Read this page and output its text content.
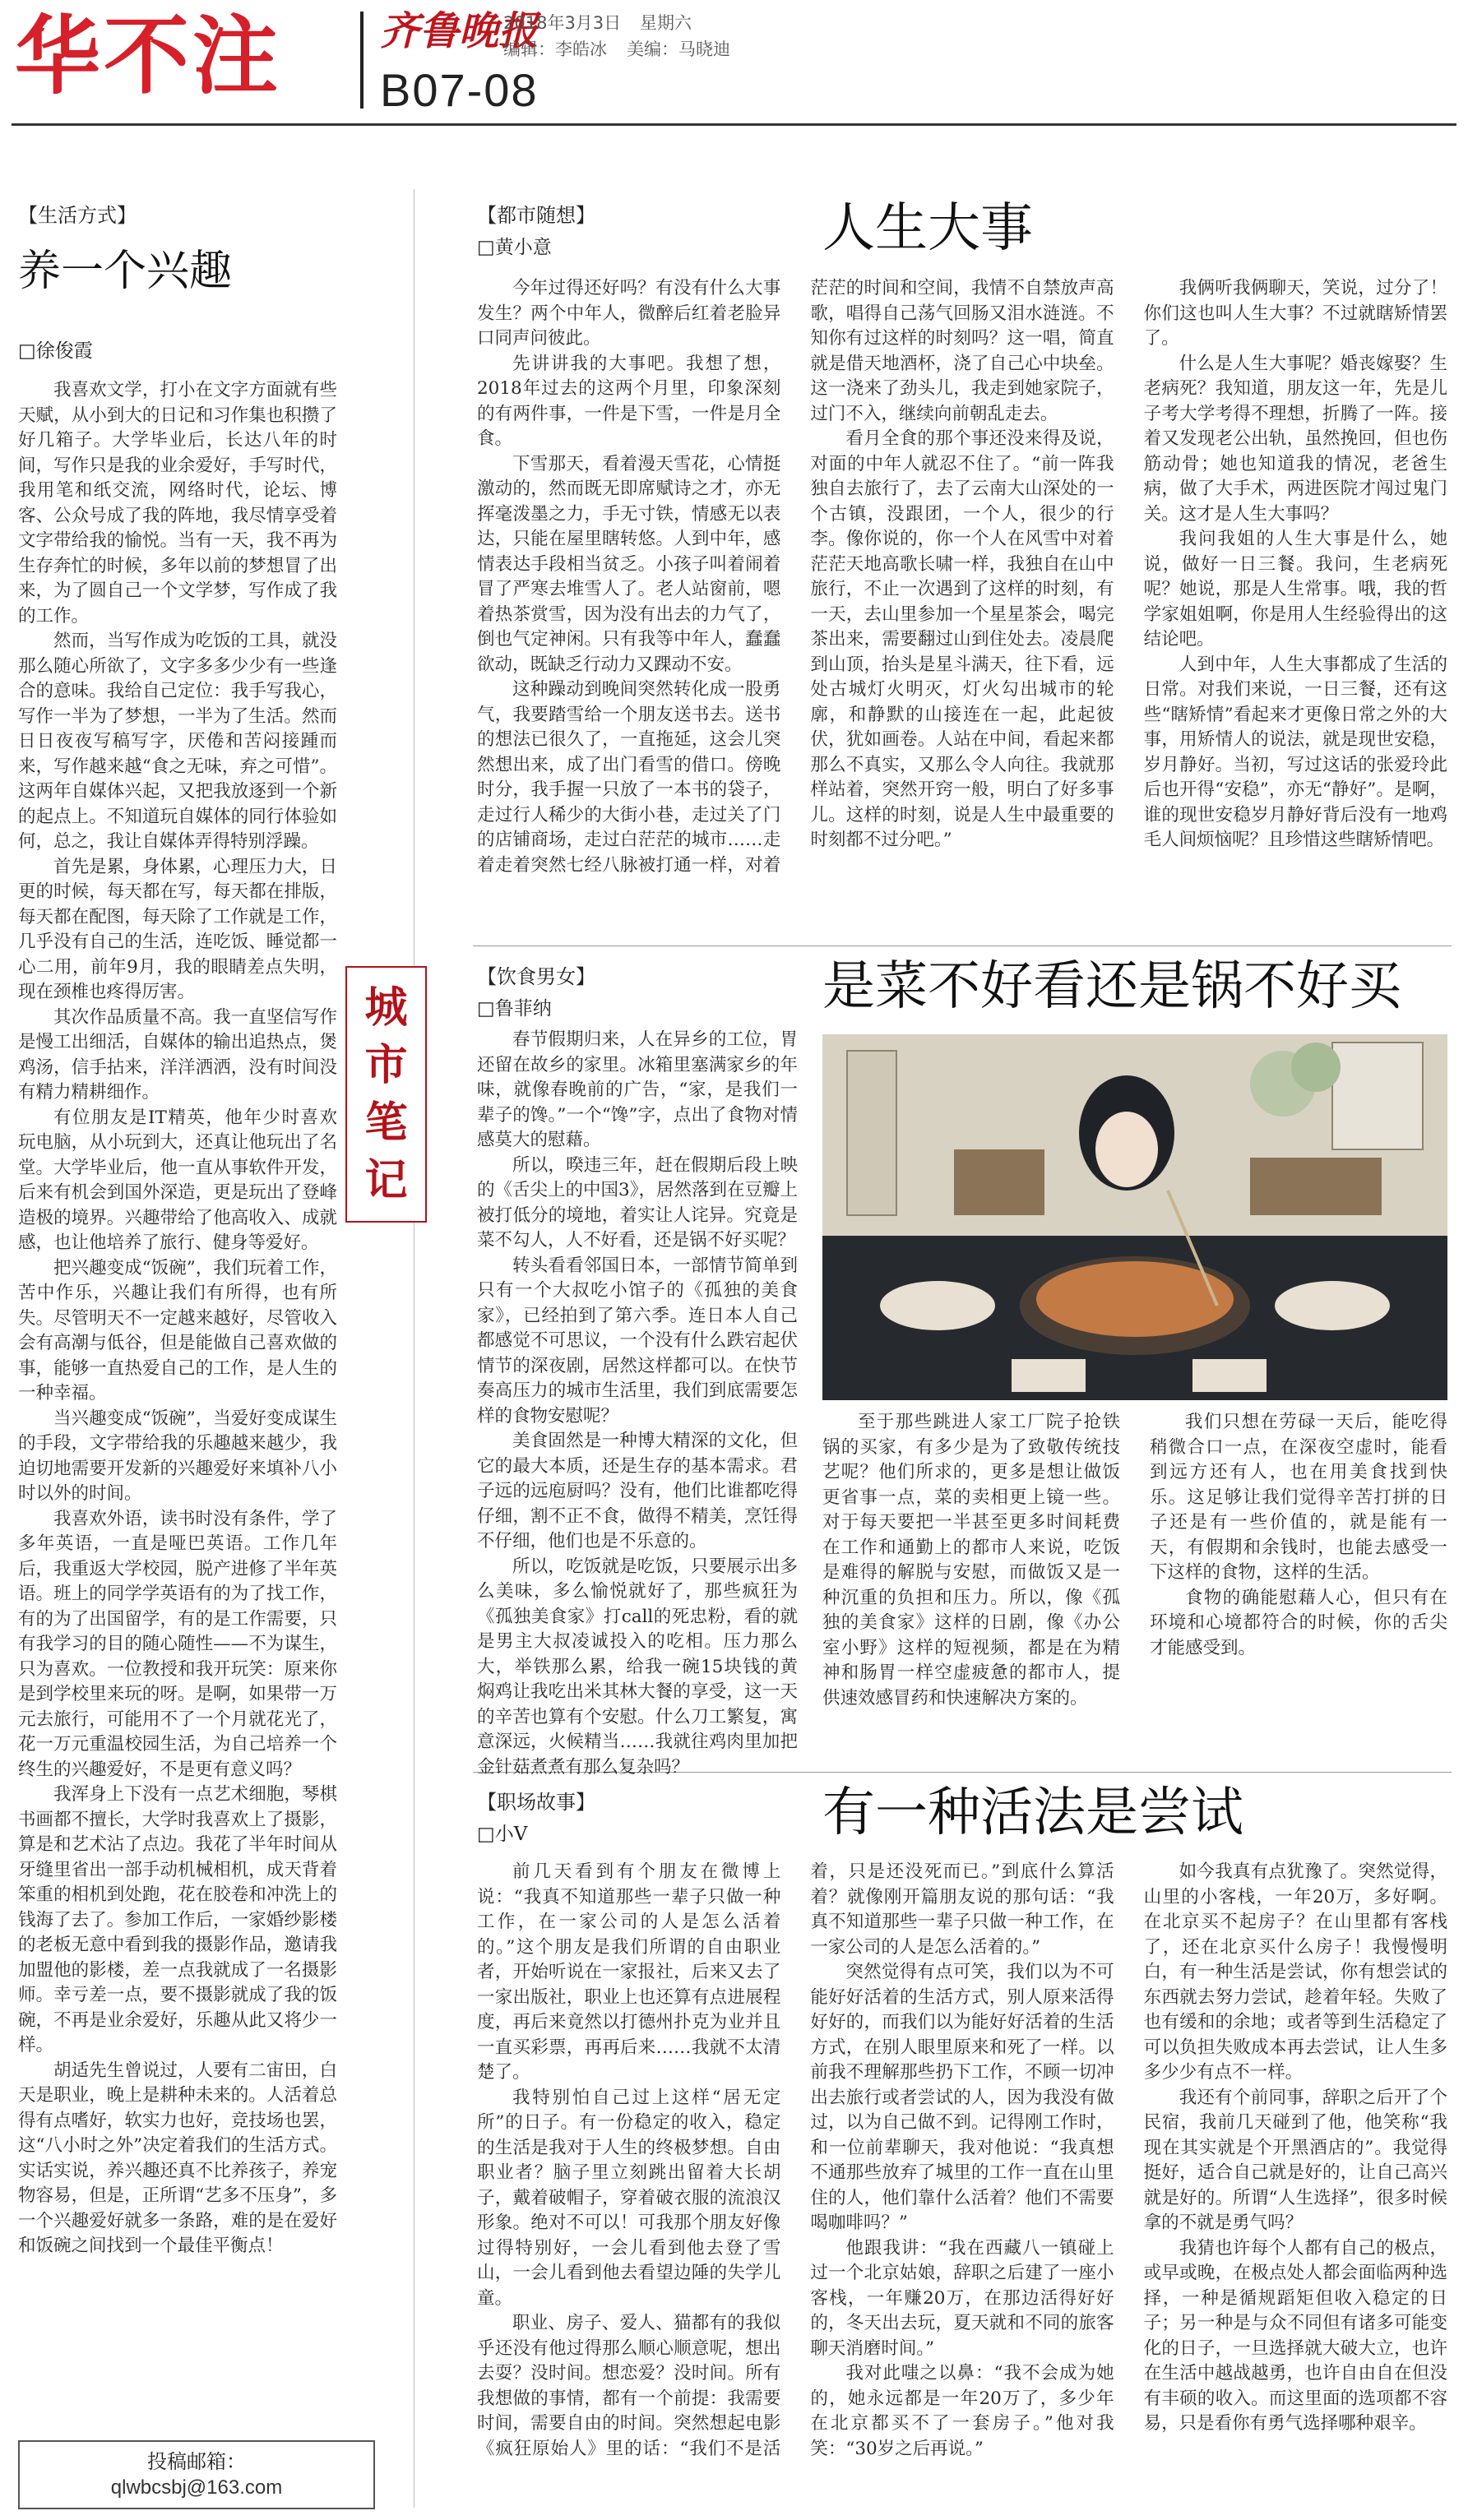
华不注 齐鲁晚报
2018年3月3日 星期六
编辑：李皓冰 美编：马晓迪
B07-08
【生活方式】
养一个兴趣
□徐俊霞

我喜欢文学，打小在文字方面就有些天赋，从小到大的日记和习作集也积攒了好几箱子。大学毕业后，长达八年的时间，写作只是我的业余爱好，手写时代，我用笔和纸交流，网络时代，论坛、博客、公众号成了我的阵地，我尽情享受着文字带给我的愉悦。当有一天，我不再为生存奔忙的时候，多年以前的梦想冒了出来，为了圆自己一个文学梦，写作成了我的工作。

然而，当写作成为吃饭的工具，就没那么随心所欲了，文字多多少少有一些逢合的意味。我给自己定位：我手写我心，写作一半为了梦想，一半为了生活。然而日日夜夜写稿写字，厌倦和苦闷接踵而来，写作越来越“食之无味，弃之可惜”。这两年自媒体兴起，又把我放逐到一个新的起点上。不知道玩自媒体的同行体验如何，总之，我让自媒体弄得特别浮躁。

首先是累，身体累，心理压力大，日更的时候，每天都在写，每天都在排版，每天都在配图，每天除了工作就是工作，几乎没有自己的生活，连吃饭、睡觉都一心二用，前年9月，我的眼睛差点失明，现在颈椎也疼得厉害。

其次作品质量不高。我一直坚信写作是慢工出细活，自媒体的输出追热点，煲鸡汤，信手拈来，洋洋洒洒，没有时间没有精力精耕细作。

有位朋友是IT精英，他年少时喜欢玩电脑，从小玩到大，还真让他玩出了名堂。大学毕业后，他一直从事软件开发，后来有机会到国外深造，更是玩出了登峰造极的境界。兴趣带给了他高收入、成就感，也让他培养了旅行、健身等爱好。

把兴趣变成“饭碗”，我们玩着工作，苦中作乐，兴趣让我们有所得，也有所失。尽管明天不一定越来越好，尽管收入会有高潮与低谷，但是能做自己喜欢做的事，能够一直热爱自己的工作，是人生的一种幸福。

当兴趣变成“饭碗”，当爱好变成谋生的手段，文字带给我的乐趣越来越少，我迫切地需要开发新的兴趣爱好来填补八小时以外的时间。

我喜欢外语，读书时没有条件，学了多年英语，一直是哑巴英语。工作几年后，我重返大学校园，脱产进修了半年英语。班上的同学学英语有的为了找工作，有的为了出国留学，有的是工作需要，只有我学习的目的随心随性——不为谋生，只为喜欢。一位教授和我开玩笑：原来你是到学校里来玩的呀。是啊，如果带一万元去旅行，可能用不了一个月就花光了，花一万元重温校园生活，为自己培养一个终生的兴趣爱好，不是更有意义吗？

我浑身上下没有一点艺术细胞，琴棋书画都不擅长，大学时我喜欢上了摄影，算是和艺术沾了点边。我花了半年时间从牙缝里省出一部手动机械相机，成天背着笨重的相机到处跑，花在胶卷和冲洗上的钱海了去了。参加工作后，一家婚纱影楼的老板无意中看到我的摄影作品，邀请我加盟他的影楼，差一点我就成了一名摄影师。幸亏差一点，要不摄影就成了我的饭碗，不再是业余爱好，乐趣从此又将少一样。

胡适先生曾说过，人要有二宙田，白天是职业，晚上是耕种未来的。人活着总得有点嗜好，软实力也好，竞技场也罢，这“八小时之外”决定着我们的生活方式。实话实说，养兴趣还真不比养孩子，养宠物容易，但是，正所谓“艺多不压身”，多一个兴趣爱好就多一条路，难的是在爱好和饭碗之间找到一个最佳平衡点！

城市笔记
投稿邮箱：
qlwbcsbj@163.com
【都市随想】
□黄小意	人生大事

今年过得还好吗？有没有什么大事发生？两个中年人，微醉后红着老脸异口同声问彼此。

先讲讲我的大事吧。我想了想，2018年过去的这两个月里，印象深刻的有两件事，一件是下雪，一件是月全食。

下雪那天，看着漫天雪花，心情挺激动的，然而既无即席赋诗之才，亦无挥毫泼墨之力，手无寸铁，情感无以表达，只能在屋里瞎转悠。人到中年，感情表达手段相当贫乏。小孩子叫着闹着冒了严寒去堆雪人了。老人站窗前，嗯着热茶赏雪，因为没有出去的力气了，倒也气定神闲。只有我等中年人，蠢蠢欲动，既缺乏行动力又踝动不安。

这种躁动到晚间突然转化成一股勇气，我要踏雪给一个朋友送书去。送书的想法已很久了，一直拖延，这会儿突然想出来，成了出门看雪的借口。傍晚时分，我手握一只放了一本书的袋子，走过行人稀少的大街小巷，走过关了门的店铺商场，走过白茫茫的城市……走着走着突然七经八脉被打通一样，对着茫茫的时间和空间，我情不自禁放声高歌，唱得自己荡气回肠又泪水涟涟。不知你有过这样的时刻吗？这一唱，简直就是借天地酒杯，浇了自己心中块垒。这一浇来了劲头儿，我走到她家院子，过门不入，继续向前朝乱走去。

看月全食的那个事还没来得及说，对面的中年人就忍不住了。“前一阵我独自去旅行了，去了云南大山深处的一个古镇，没跟团，一个人，很少的行李。像你说的，你一个人在风雪中对着茫茫天地高歌长啸一样，我独自在山中旅行，不止一次遇到了这样的时刻，有一天，去山里参加一个星星茶会，喝完茶出来，需要翻过山到住处去。凌晨爬到山顶，抬头是星斗满天，往下看，远处古城灯火明灭，灯火勾出城市的轮廓，和静默的山接连在一起，此起彼伏，犹如画卷。人站在中间，看起来都那么不真实，又那么令人向往。我就那样站着，突然开窍一般，明白了好多事儿。这样的时刻，说是人生中最重要的时刻都不过分吧。”

我俩听我俩聊天，笑说，过分了！你们这也叫人生大事？不过就瞎矫情罢了。

什么是人生大事呢？婚丧嫁娶？生老病死？我知道，朋友这一年，先是儿子考大学考得不理想，折腾了一阵。接着又发现老公出轨，虽然挽回，但也伤筋动骨；她也知道我的情况，老爸生病，做了大手术，两进医院才闯过鬼门关。这才是人生大事吗？

我问我姐的人生大事是什么，她说，做好一日三餐。我问，生老病死呢？她说，那是人生常事。哦，我的哲学家姐姐啊，你是用人生经验得出的这结论吧。

人到中年，人生大事都成了生活的日常。对我们来说，一日三餐，还有这些“瞎矫情”看起来才更像日常之外的大事，用矫情人的说法，就是现世安稳，岁月静好。当初，写过这话的张爱玲此后也开得“安稳”，亦无“静好”。是啊，谁的现世安稳岁月静好背后没有一地鸡毛人间烦恼呢？且珍惜这些瞎矫情吧。

【饮食男女】
□鲁菲纳	是菜不好看还是锅不好买

春节假期归来，人在异乡的工位，胃还留在故乡的家里。冰箱里塞满家乡的年味，就像春晚前的广告，“家，是我们一辈子的馋。”一个“馋”字，点出了食物对情感莫大的慰藉。

所以，暌违三年，赶在假期后段上映的《舌尖上的中国3》，居然落到在豆瓣上被打低分的境地，着实让人诧异。究竟是菜不勾人，人不好看，还是锅不好买呢？

转头看看邻国日本，一部情节简单到只有一个大叔吃小馆子的《孤独的美食家》，已经拍到了第六季。连日本人自己都感觉不可思议，一个没有什么跌宕起伏情节的深夜剧，居然这样都可以。在快节奏高压力的城市生活里，我们到底需要怎样的食物安慰呢？

美食固然是一种博大精深的文化，但它的最大本质，还是生存的基本需求。君子远的远庖厨吗？没有，他们比谁都吃得仔细，割不正不食，做得不精美，烹饪得不仔细，他们也是不乐意的。

所以，吃饭就是吃饭，只要展示出多么美味，多么愉悦就好了，那些疯狂为《孤独美食家》打call的死忠粉，看的就是男主大叔凌诚投入的吃相。压力那么大，举铁那么累，给我一碗15块钱的黄焖鸡让我吃出米其林大餐的享受，这一天的辛苦也算有个安慰。什么刀工繁复，寓意深远，火候精当……我就往鸡肉里加把金针菇煮煮有那么复杂吗？

至于那些跳进人家工厂院子抢铁锅的买家，有多少是为了致敬传统技艺呢？他们所求的，更多是想让做饭更省事一点，菜的卖相更上镜一些。对于每天要把一半甚至更多时间耗费在工作和通勤上的都市人来说，吃饭是难得的解脱与安慰，而做饭又是一种沉重的负担和压力。所以，像《孤独的美食家》这样的日剧，像《办公室小野》这样的短视频，都是在为精神和肠胃一样空虚疲惫的都市人，提供速效感冒药和快速解决方案的。

我们只想在劳碌一天后，能吃得稍微合口一点，在深夜空虚时，能看到远方还有人，也在用美食找到快乐。这足够让我们觉得辛苦打拼的日子还是有一些价值的，就是能有一天，有假期和余钱时，也能去感受一下这样的食物，这样的生活。

食物的确能慰藉人心，但只有在环境和心境都符合的时候，你的舌尖才能感受到。

【职场故事】
□小V	有一种活法是尝试

前几天看到有个朋友在微博上说：“我真不知道那些一辈子只做一种工作，在一家公司的人是怎么活着的。”这个朋友是我们所谓的自由职业者，开始听说在一家报社，后来又去了一家出版社，职业上也还算有点进展程度，再后来竟然以打德州扑克为业并且一直买彩票，再再后来……我就不太清楚了。

我特别怕自己过上这样“居无定所”的日子。有一份稳定的收入，稳定的生活是我对于人生的终极梦想。自由职业者？脑子里立刻跳出留着大长胡子，戴着破帽子，穿着破衣服的流浪汉形象。绝对不可以！可我那个朋友好像过得特别好，一会儿看到他去登了雪山，一会儿看到他去看望边陲的失学儿童。

职业、房子、爱人、猫都有的我似乎还没有他过得那么顺心顺意呢，想出去耍？没时间。想恋爱？没时间。所有我想做的事情，都有一个前提：我需要时间，需要自由的时间。突然想起电影《疯狂原始人》里的话：“我们不是活着，只是还没死而已。”到底什么算活着？就像刚开篇朋友说的那句话：“我真不知道那些一辈子只做一种工作，在一家公司的人是怎么活着的。”

突然觉得有点可笑，我们以为不可能好好活着的生活方式，别人原来活得好好的，而我们以为能好好活着的生活方式，在别人眼里原来和死了一样。以前我不理解那些扔下工作，不顾一切冲出去旅行或者尝试的人，因为我没有做过，以为自己做不到。记得刚工作时，和一位前辈聊天，我对他说：“我真想不通那些放弃了城里的工作一直在山里住的人，他们靠什么活着？他们不需要喝咖啡吗？”

他跟我讲：“我在西藏八一镇碰上过一个北京姑娘，辞职之后建了一座小客栈，一年赚20万，在那边活得好好的，冬天出去玩，夏天就和不同的旅客聊天消磨时间。”

我对此嗤之以鼻：“我不会成为她的，她永远都是一年20万了，多少年在北京都买不了一套房子。”他对我笑：“30岁之后再说。”

如今我真有点犹豫了。突然觉得，山里的小客栈，一年20万，多好啊。在北京买不起房子？在山里都有客栈了，还在北京买什么房子！我慢慢明白，有一种生活是尝试，你有想尝试的东西就去努力尝试，趁着年轻。失败了也有缓和的余地；或者等到生活稳定了可以负担失败成本再去尝试，让人生多多少少有点不一样。

我还有个前同事，辞职之后开了个民宿，我前几天碰到了他，他笑称“我现在其实就是个开黑酒店的”。我觉得挺好，适合自己就是好的，让自己高兴就是好的。所谓“人生选择”，很多时候拿的不就是勇气吗？

我猜也许每个人都有自己的极点，或早或晚，在极点处人都会面临两种选择，一种是循规蹈矩但收入稳定的日子；另一种是与众不同但有诸多可能变化的日子，一旦选择就大破大立，也许在生活中越战越勇，也许自由自在但没有丰硕的收入。而这里面的选项都不容易，只是看你有勇气选择哪种艰辛。
